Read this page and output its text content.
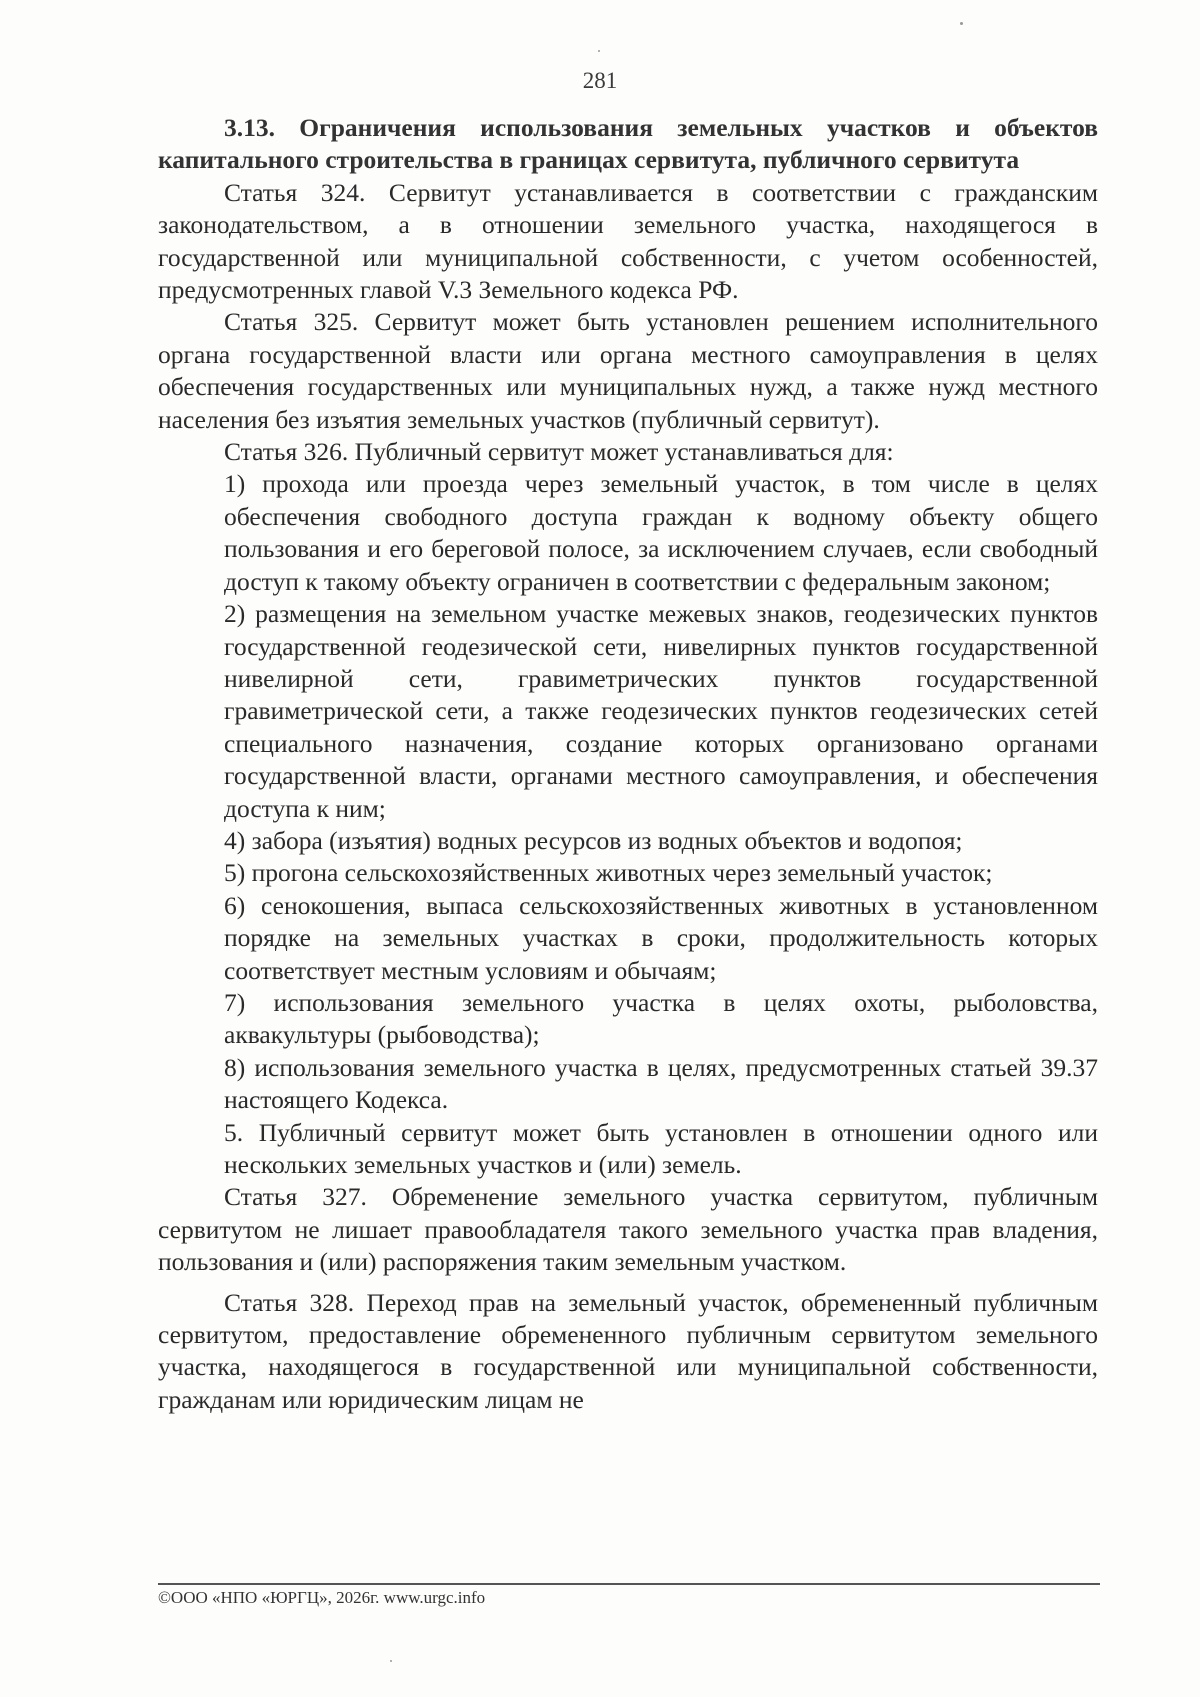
281

3.13. Ограничения использования земельных участков и объектов капитального строительства в границах сервитута, публичного сервитута

Статья 324. Сервитут устанавливается в соответствии с гражданским законодательством, а в отношении земельного участка, находящегося в государственной или муниципальной собственности, с учетом особенностей, предусмотренных главой V.3 Земельного кодекса РФ.

Статья 325. Сервитут может быть установлен решением исполнительного органа государственной власти или органа местного самоуправления в целях обеспечения государственных или муниципальных нужд, а также нужд местного населения без изъятия земельных участков (публичный сервитут).

Статья 326. Публичный сервитут может устанавливаться для:

1) прохода или проезда через земельный участок, в том числе в целях обеспечения свободного доступа граждан к водному объекту общего пользования и его береговой полосе, за исключением случаев, если свободный доступ к такому объекту ограничен в соответствии с федеральным законом;

2) размещения на земельном участке межевых знаков, геодезических пунктов государственной геодезической сети, нивелирных пунктов государственной нивелирной сети, гравиметрических пунктов государственной гравиметрической сети, а также геодезических пунктов геодезических сетей специального назначения, создание которых организовано органами государственной власти, органами местного самоуправления, и обеспечения доступа к ним;

4) забора (изъятия) водных ресурсов из водных объектов и водопоя;

5) прогона сельскохозяйственных животных через земельный участок;

6) сенокошения, выпаса сельскохозяйственных животных в установленном порядке на земельных участках в сроки, продолжительность которых соответствует местным условиям и обычаям;

7) использования земельного участка в целях охоты, рыболовства, аквакультуры (рыбоводства);

8) использования земельного участка в целях, предусмотренных статьей 39.37 настоящего Кодекса.

5. Публичный сервитут может быть установлен в отношении одного или нескольких земельных участков и (или) земель.

Статья 327. Обременение земельного участка сервитутом, публичным сервитутом не лишает правообладателя такого земельного участка прав владения, пользования и (или) распоряжения таким земельным участком.

Статья 328. Переход прав на земельный участок, обремененный публичным сервитутом, предоставление обремененного публичным сервитутом земельного участка, находящегося в государственной или муниципальной собственности, гражданам или юридическим лицам не

©ООО «НПО «ЮРГЦ», 2026г. www.urgc.info
